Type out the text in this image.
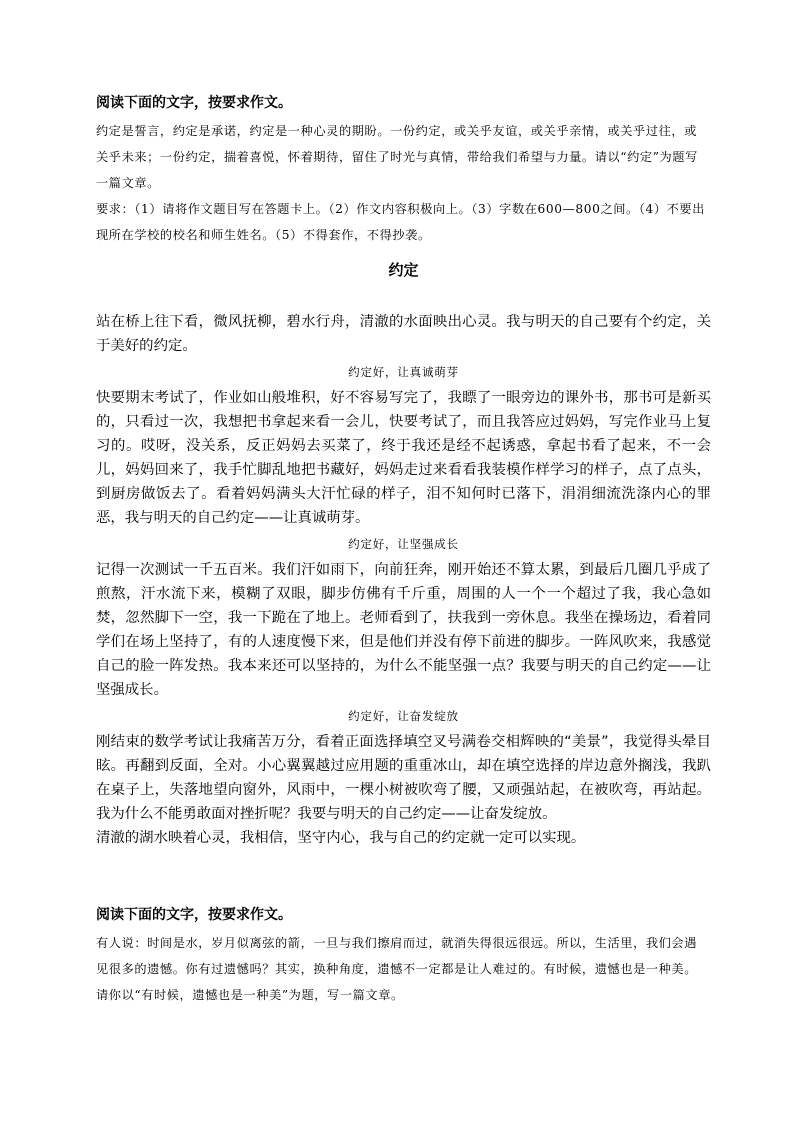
阅读下面的文字，按要求作文。

约定是誓言，约定是承诺，约定是一种心灵的期盼。一份约定，或关乎友谊，或关乎亲情，或关乎过往，或关乎未来；一份约定，揣着喜悦，怀着期待，留住了时光与真情，带给我们希望与力量。请以“约定”为题写一篇文章。

要求：（1）请将作文题目写在答题卡上。（2）作文内容积极向上。（3）字数在600—800之间。（4）不要出现所在学校的校名和师生姓名。（5）不得套作，不得抄袭。

约定

站在桥上往下看，微风抚柳，碧水行舟，清澈的水面映出心灵。我与明天的自己要有个约定，关于美好的约定。

约定好，让真诚萌芽

快要期末考试了，作业如山般堆积，好不容易写完了，我瞟了一眼旁边的课外书，那书可是新买的，只看过一次，我想把书拿起来看一会儿，快要考试了，而且我答应过妈妈，写完作业马上复习的。哎呀，没关系，反正妈妈去买菜了，终于我还是经不起诱惑，拿起书看了起来，不一会儿，妈妈回来了，我手忙脚乱地把书藏好，妈妈走过来看看我装模作样学习的样子，点了点头，到厨房做饭去了。看着妈妈满头大汗忙碌的样子，泪不知何时已落下，涓涓细流洗涤内心的罪恶，我与明天的自己约定——让真诚萌芽。

约定好，让坚强成长

记得一次测试一千五百米。我们汗如雨下，向前狂奔，刚开始还不算太累，到最后几圈几乎成了煎熬，汗水流下来，模糊了双眼，脚步仿佛有千斤重，周围的人一个一个超过了我，我心急如焚，忽然脚下一空，我一下跪在了地上。老师看到了，扶我到一旁休息。我坐在操场边，看着同学们在场上坚持了，有的人速度慢下来，但是他们并没有停下前进的脚步。一阵风吹来，我感觉自己的脸一阵发热。我本来还可以坚持的，为什么不能坚强一点？我要与明天的自己约定——让坚强成长。

约定好，让奋发绽放

刚结束的数学考试让我痛苦万分，看着正面选择填空叉号满卷交相辉映的“美景”，我觉得头晕目眩。再翻到反面，全对。小心翼翼越过应用题的重重冰山，却在填空选择的岸边意外搁浅，我趴在桌子上，失落地望向窗外，风雨中，一棵小树被吹弯了腰，又顽强站起，在被吹弯，再站起。我为什么不能勇敢面对挫折呢？我要与明天的自己约定——让奋发绽放。

清澈的湖水映着心灵，我相信，坚守内心，我与自己的约定就一定可以实现。

阅读下面的文字，按要求作文。

有人说：时间是水，岁月似离弦的箭，一旦与我们擦肩而过，就消失得很远很远。所以，生活里，我们会遇见很多的遗憾。你有过遗憾吗？其实，换种角度，遗憾不一定都是让人难过的。有时候，遗憾也是一种美。请你以“有时候，遗憾也是一种美”为题，写一篇文章。
